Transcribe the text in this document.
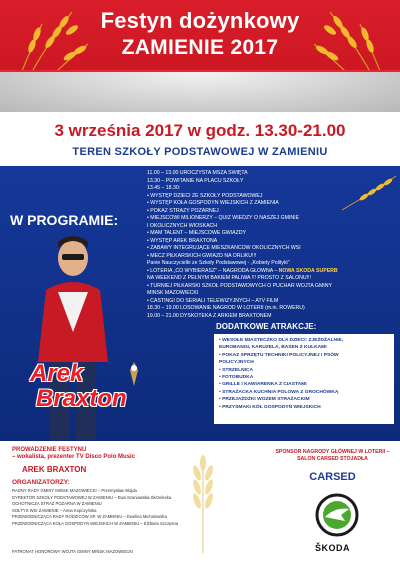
Festyn dożynkowy
ZAMIENIE 2017
3 września 2017 w godz. 13.30-21.00
TEREN SZKOŁY PODSTAWOWEJ W ZAMIENIU
W PROGRAMIE:
11.00 – 13.00 UROCZYSTA MSZA ŚWIĘTA
13.30 – POWITANIE NA PLACU SZKOŁY
13.45 – 18.30:
• WYSTĘP DZIECI ZE SZKOŁY PODSTAWOWEJ
• WYSTĘP KOŁA GOSPODYŃ WIEJSKICH Z ZAMIENIA
• POKAZ STRAŻY POŻARNEJ
• MIEJSCOWI MILIONERZY – QUIZ WIEDZY O NASZEJ GMINIE
I OKOLICZNYCH WIOSKACH
• MAM TALENT – MIEJSCOWE GWIAZDY
• WYSTĘP AREK BRAXTONA
• ZABAWY INTEGRUJĄCE MIESZKAŃCÓW OKOLICZNYCH WSI
• MECZ PIŁKARSKICH GWIAZD NA ORLIKU!!!
Panie Nauczycielki ze Szkoły Podstawowej - „Kobiety Polityki"
• LOTERIA „CO WYBIERASZ" – NAGRODA GŁÓWNA – NOWA SKODA SUPERB
NA WEEKEND Z PEŁNYM BAKIEM PALIWA !!! PROSTO Z SALONU!!!
• TURNIEJ PIŁKARSKI SZKÓŁ PODSTAWOWYCH O PUCHAR WÓJTA GMINY
MIŃSK MAZOWIECKI
• CASTINGI DO SERIALI TELEWIZYJNYCH – ATV FILM
18.30 – 19.00 LOSOWANIE NAGRÓD W LOTERII (m.in. ROWERU)
19.00 – 21.00 DYSKOTEKA Z ARKIEM BRAXTONEM
Arek
Braxton
DODATKOWE ATRAKCJE:
• WESOŁE MIASTECZKO DLA DZIECI: ZJEŻDŻALNIE,
EUROBANGI, KARUZELA, BASEN Z KULKAMI
• POKAZ SPRZĘTU TECHNIKI POLICYJNEJ I PSÓW
POLICYJNYCH
• STRZELNICA
• FOTOBUDKA
• GRILLE I KAWIARENKA Z CIASTAMI
• STRAŻACKA KUCHNIA POLOWA Z GROCHÓWKĄ
• PRZEJAŻDŻKI WOZEM STRAŻACKIM
• PRZYSMAKI KÓŁ GOSPODYŃ WIEJSKICH
PROWADZENIE FESTYNU
– wokalista, prezenter TV Disco Polo Music
AREK BRAXTON
ORGANIZATORZY:
RADNY RADY GMINY MIŃSK MAZOWIECKI – Przemysław Wojda
DYREKTOR SZKOŁY PODSTAWOWEJ W ZAMIENIU – Ewa Szaniawska-Skrzelecka
OCHOTNICZA STRAŻ POŻARNA W ZAMIENIU
SOŁTYS WSI ZAMIENIE – Anna Kopczyńska
PRZEWODNICZĄCA RADY RODZICÓW SP. W ZAMIENIU – Ewelina Michalowska
PRZEWODNICZĄCA KOŁA GOSPODYŃ WIEJSKICH W ZAMIENIU – Elżbieta Szczęsna
PATRONAT HONOROWY WÓJTA GMINY MIŃSK MAZOWIECKI
SPONSOR NAGRODY GŁÓWNEJ W LOTERII – SALON CARSED STOJADŁA
CARSED
ŠKODA
